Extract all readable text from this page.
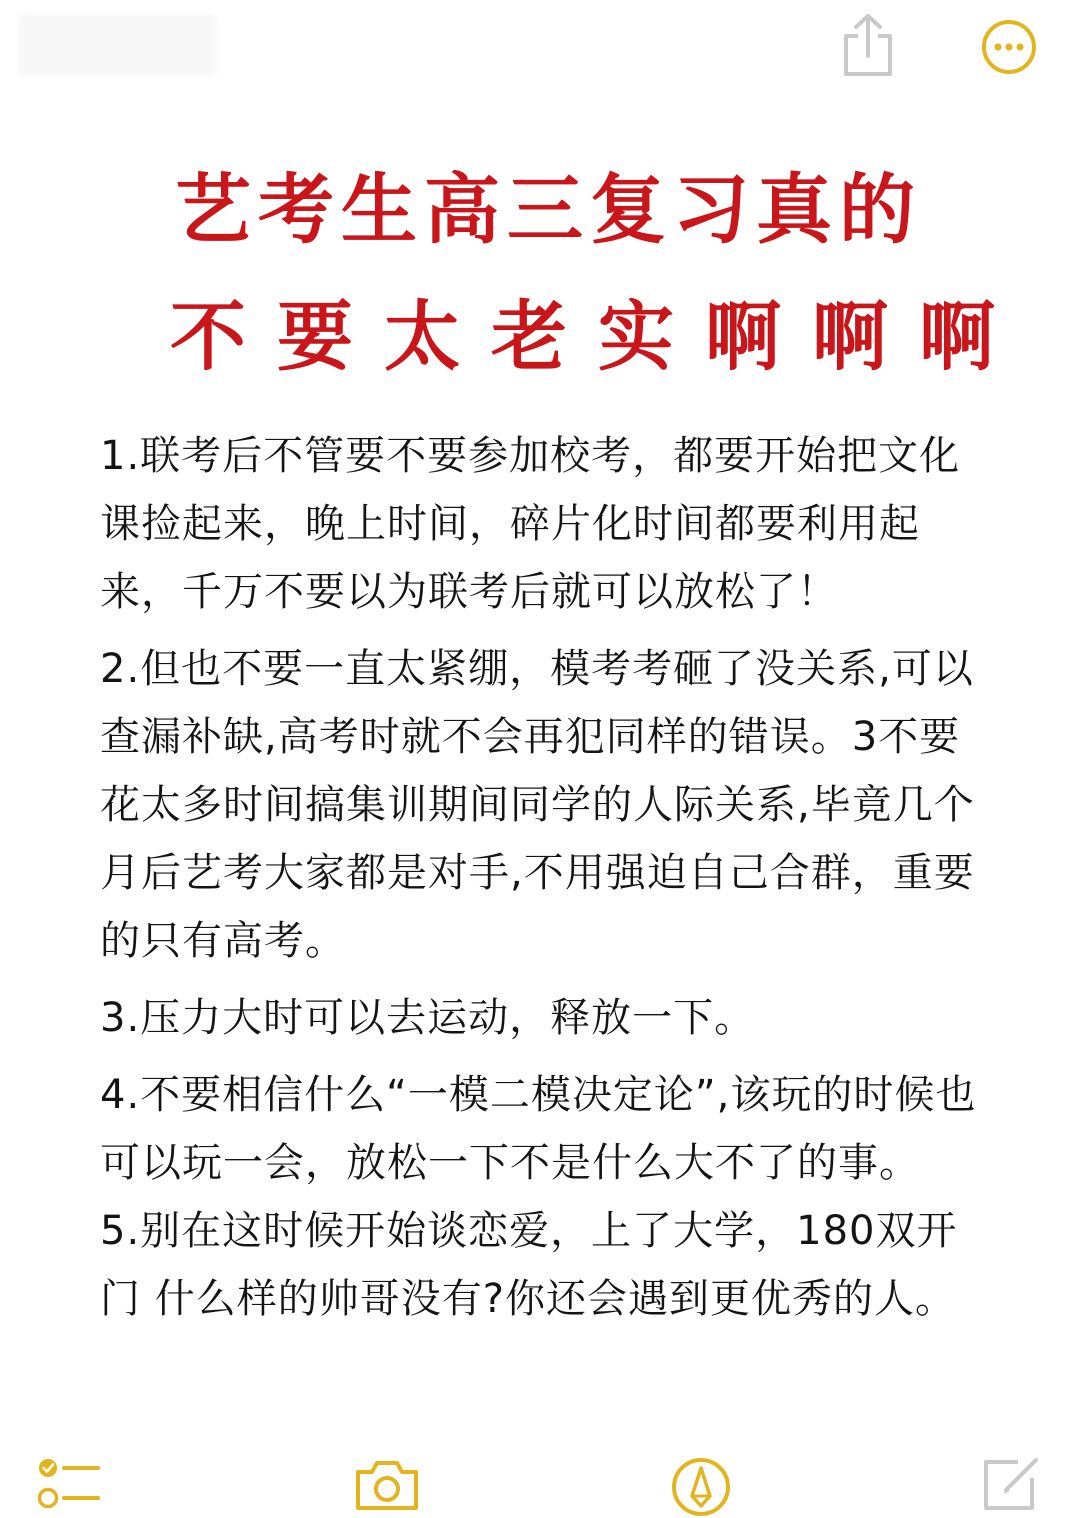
艺考生高三复习真的
不要太老实啊啊啊

1.联考后不管要不要参加校考，都要开始把文化课捡起来，晚上时间，碎片化时间都要利用起来，千万不要以为联考后就可以放松了！

2.但也不要一直太紧绷，模考考砸了没关系,可以查漏补缺,高考时就不会再犯同样的错误。3不要花太多时间搞集训期间同学的人际关系,毕竟几个月后艺考大家都是对手,不用强迫自己合群，重要的只有高考。

3.压力大时可以去运动，释放一下。

4.不要相信什么“一模二模决定论”,该玩的时候也可以玩一会，放松一下不是什么大不了的事。

5.别在这时候开始谈恋爱，上了大学，180双开门 什么样的帅哥没有?你还会遇到更优秀的人。
